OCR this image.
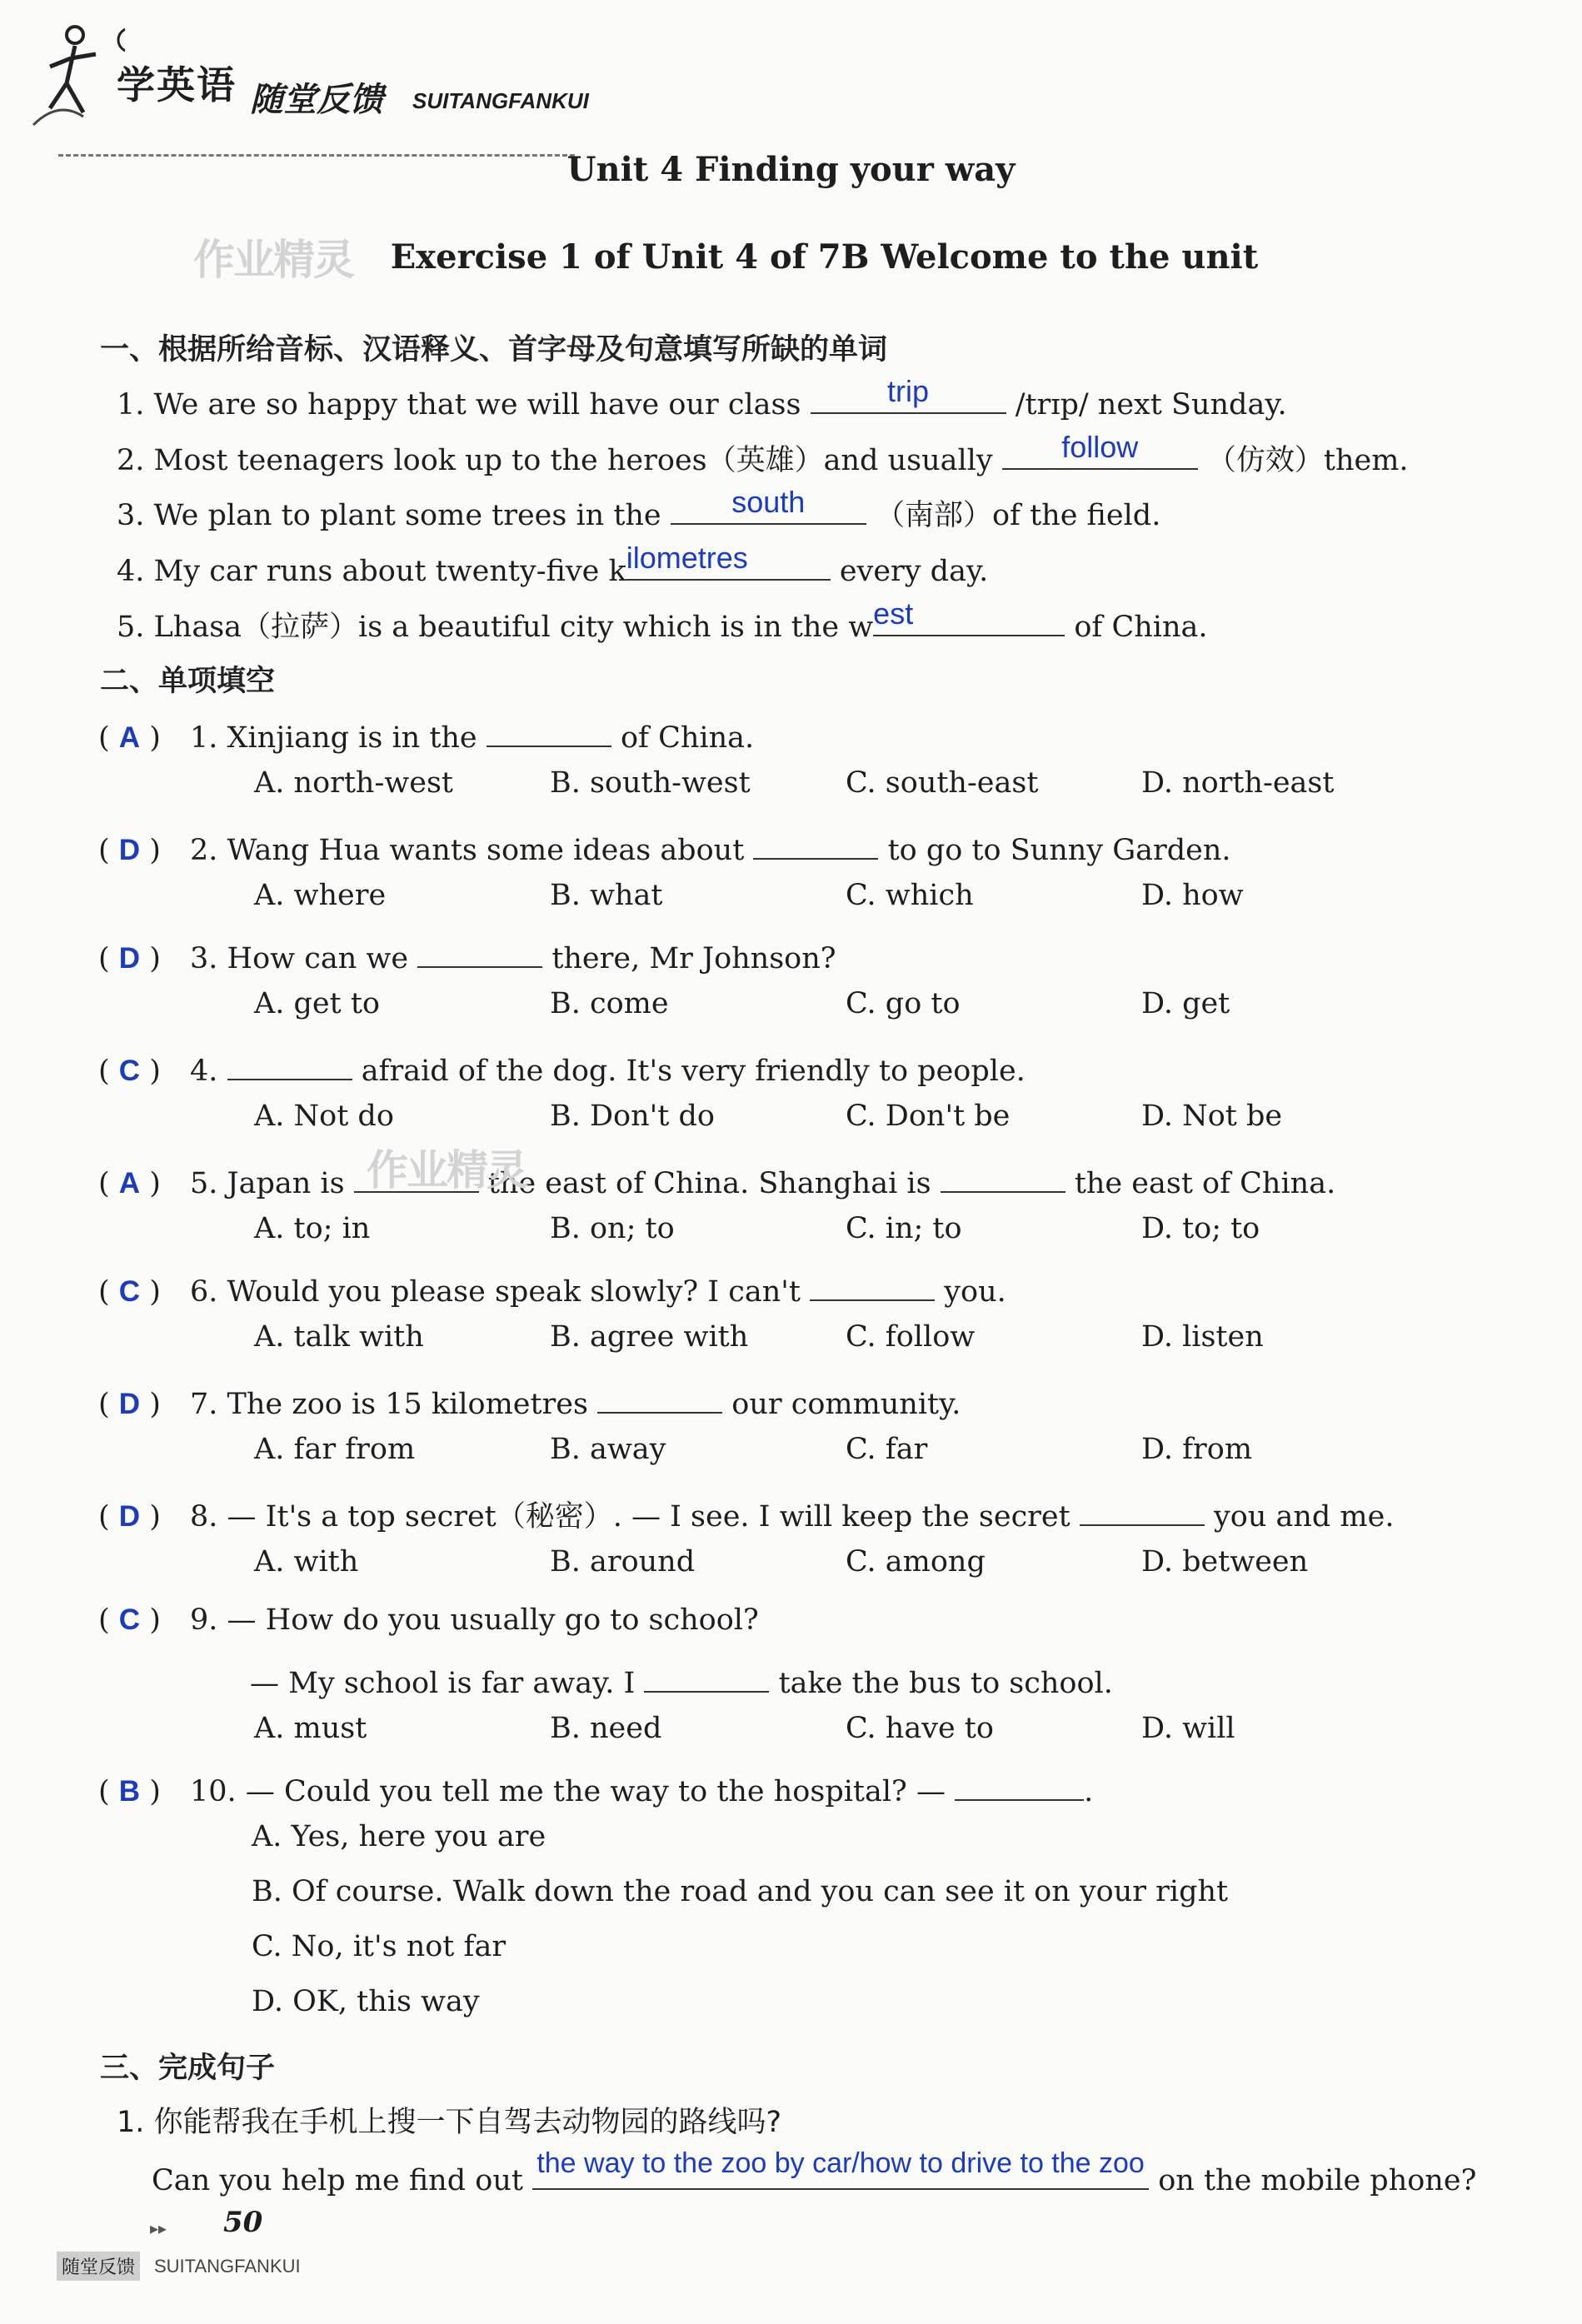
学英语 随堂反馈 SUITANGFANKUI
Unit 4 Finding your way
作业精灵	Exercise 1 of Unit 4 of 7B Welcome to the unit
一、根据所给音标、汉语释义、首字母及句意填写所缺的单词
1. We are so happy that we will have our class	trip	/trɪp/ next Sunday.
2. Most teenagers look up to the heroes（英雄）and usually	follow	（仿效）them.
3. We plan to plant some trees in the	south	（南部）of the field.
4. My car runs about twenty-five k ilometres	every day.
5. Lhasa（拉萨）is a beautiful city which is in the w est	of China.
二、单项填空
( A ) 1. Xinjiang is in the	of China.
A. north-west	B. south-west	C. south-east	D. north-east
( D ) 2. Wang Hua wants some ideas about	to go to Sunny Garden.
A. where	B. what	C. which	D. how
( D ) 3. How can we	there, Mr Johnson?
A. get to	B. come	C. go to	D. get
( C ) 4.	afraid of the dog. It's very friendly to people.
A. Not do	B. Don't do	C. Don't be	D. Not be
( A ) 5. Japan is	the east of China. Shanghai is	the east of China.
A. to; in	B. on; to	C. in; to	D. to; to
( C ) 6. Would you please speak slowly? I can't	you.
A. talk with	B. agree with	C. follow	D. listen
( D ) 7. The zoo is 15 kilometres	our community.
A. far from	B. away	C. far	D. from
( D ) 8. — It's a top secret（秘密）. — I see. I will keep the secret	you and me.
A. with	B. around	C. among	D. between
( C ) 9. — How do you usually go to school?
— My school is far away. I	take the bus to school.
A. must	B. need	C. have to	D. will
( B ) 10. — Could you tell me the way to the hospital? —	.
A. Yes, here you are
B. Of course. Walk down the road and you can see it on your right
C. No, it's not far
D. OK, this way
作业精灵
三、完成句子
1. 你能帮我在手机上搜一下自驾去动物园的路线吗?
Can you help me find out
the way to the zoo by car/how to drive to the zoo
on the mobile phone?
▸▸ 50
随堂反馈 SUITANGFANKUI
